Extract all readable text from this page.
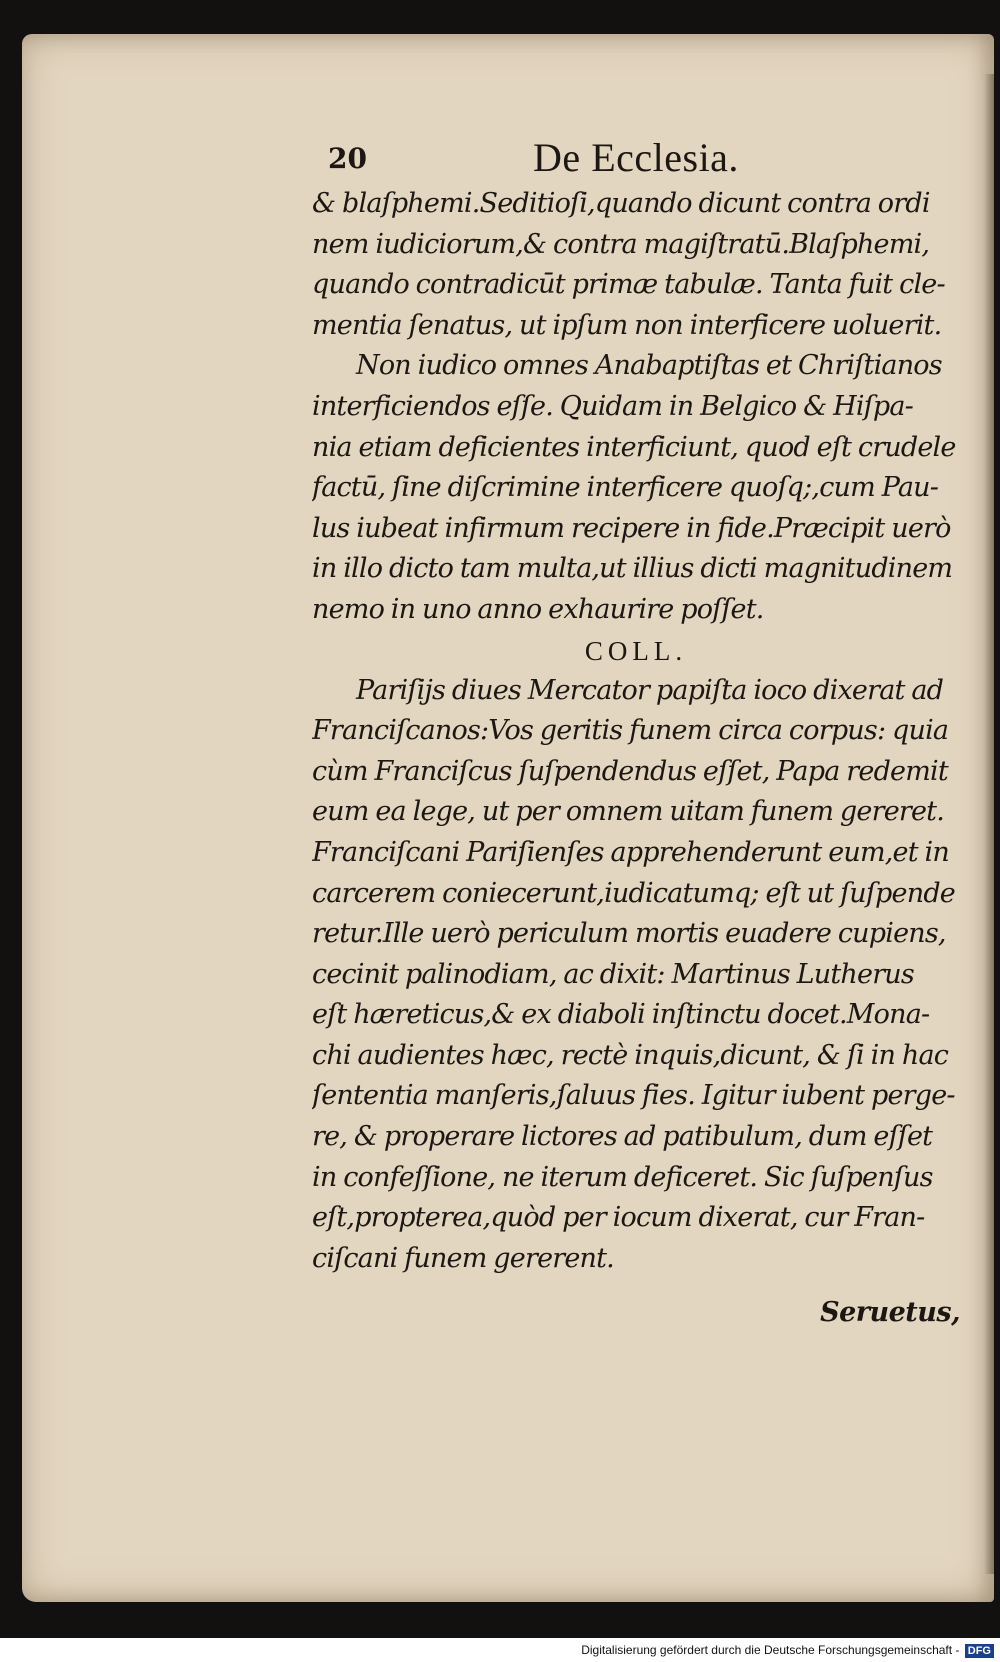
20	De Ecclesia.
& blaſphemi.Seditioſi,quando dicunt contra ordi
nem iudiciorum,& contra magiſtratū.Blaſphemi,
quando contradicūt primæ tabulæ. Tanta fuit cle-
mentia ſenatus, ut ipſum non interficere uoluerit.
Non iudico omnes Anabaptiſtas et Chriſtianos
interficiendos eſſe. Quidam in Belgico & Hiſpa-
nia etiam deficientes interficiunt, quod eſt crudele
factū, ſine diſcrimine interficere quoſq;,cum Pau-
lus iubeat infirmum recipere in fide.Præcipit uerò
in illo dicto tam multa,ut illius dicti magnitudinem
nemo in uno anno exhaurire poſſet.
COLL.
Pariſijs diues Mercator papiſta ioco dixerat ad
Franciſcanos:Vos geritis funem circa corpus: quia
cùm Franciſcus ſuſpendendus eſſet, Papa redemit
eum ea lege, ut per omnem uitam funem gereret.
Franciſcani Pariſienſes apprehenderunt eum,et in
carcerem coniecerunt,iudicatumq; eſt ut ſuſpende
retur.Ille uerò periculum mortis euadere cupiens,
cecinit palinodiam, ac dixit: Martinus Lutherus
eſt hæreticus,& ex diaboli inſtinctu docet.Mona-
chi audientes hæc, rectè inquis,dicunt, & ſi in hac
ſententia manſeris,ſaluus fies. Igitur iubent perge-
re, & properare lictores ad patibulum, dum eſſet
in confeſſione, ne iterum deficeret. Sic ſuſpenſus
eſt,propterea,quòd per iocum dixerat, cur Fran-
ciſcani funem gererent.
Seruetus,
Digitalisierung gefördert durch die Deutsche Forschungsgemeinschaft - DFG
